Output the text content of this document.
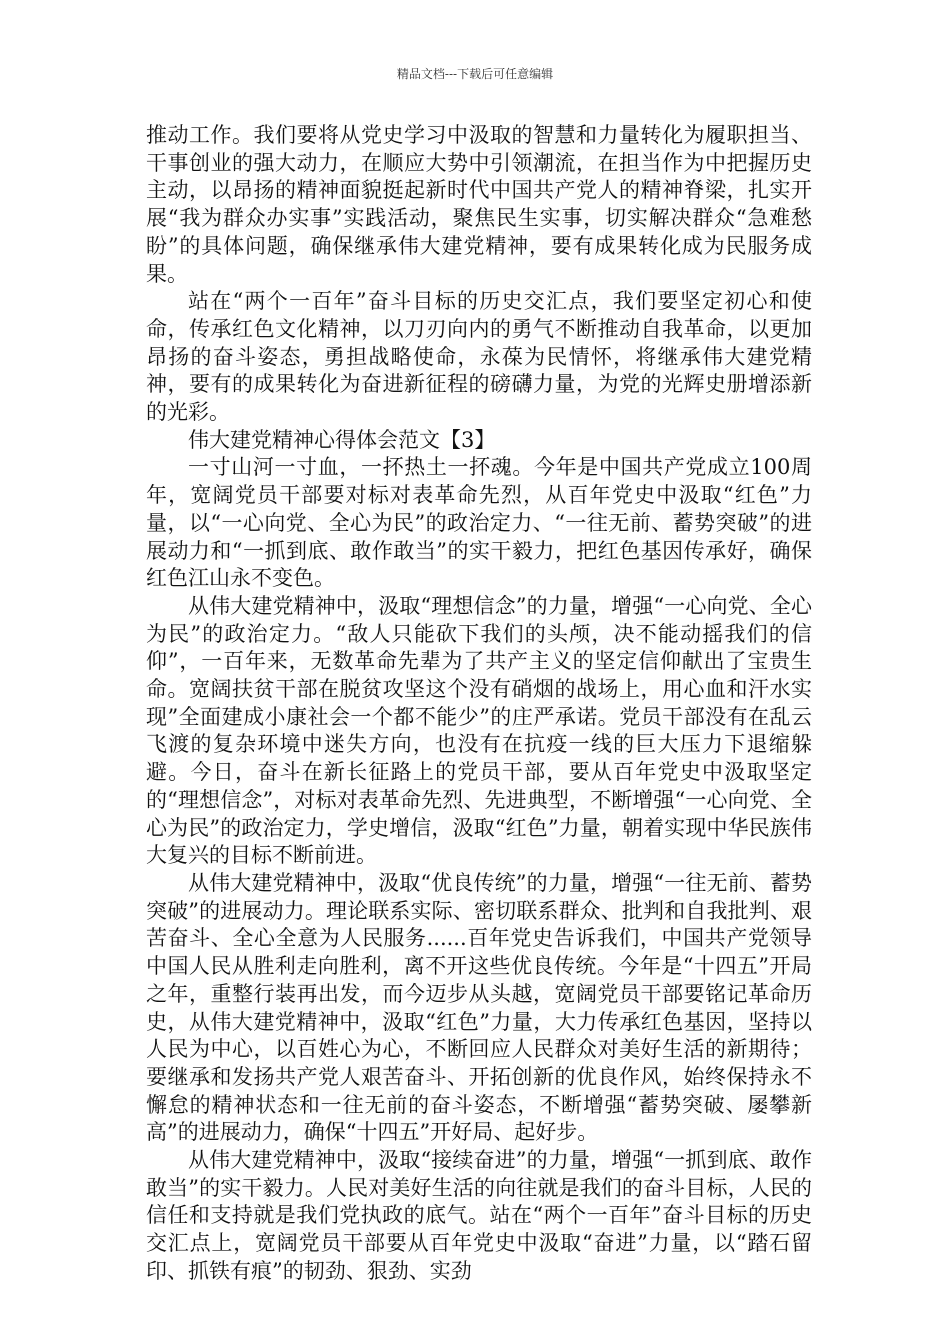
精品文档---下载后可任意编辑

推动工作。我们要将从党史学习中汲取的智慧和力量转化为履职担当、干事创业的强大动力，在顺应大势中引领潮流，在担当作为中把握历史主动，以昂扬的精神面貌挺起新时代中国共产党人的精神脊梁，扎实开展“我为群众办实事”实践活动，聚焦民生实事，切实解决群众“急难愁盼”的具体问题，确保继承伟大建党精神，要有成果转化成为民服务成果。

站在“两个一百年”奋斗目标的历史交汇点，我们要坚定初心和使命，传承红色文化精神，以刀刃向内的勇气不断推动自我革命，以更加昂扬的奋斗姿态，勇担战略使命，永葆为民情怀，将继承伟大建党精神，要有的成果转化为奋进新征程的磅礴力量，为党的光辉史册增添新的光彩。

伟大建党精神心得体会范文【3】

一寸山河一寸血，一抔热土一抔魂。今年是中国共产党成立100周年，宽阔党员干部要对标对表革命先烈，从百年党史中汲取“红色”力量，以“一心向党、全心为民”的政治定力、“一往无前、蓄势突破”的进展动力和“一抓到底、敢作敢当”的实干毅力，把红色基因传承好，确保红色江山永不变色。

从伟大建党精神中，汲取“理想信念”的力量，增强“一心向党、全心为民”的政治定力。“敌人只能砍下我们的头颅，决不能动摇我们的信仰”，一百年来，无数革命先辈为了共产主义的坚定信仰献出了宝贵生命。宽阔扶贫干部在脱贫攻坚这个没有硝烟的战场上，用心血和汗水实现”全面建成小康社会一个都不能少”的庄严承诺。党员干部没有在乱云飞渡的复杂环境中迷失方向，也没有在抗疫一线的巨大压力下退缩躲避。今日，奋斗在新长征路上的党员干部，要从百年党史中汲取坚定的“理想信念”，对标对表革命先烈、先进典型，不断增强“一心向党、全心为民”的政治定力，学史增信，汲取“红色”力量，朝着实现中华民族伟大复兴的目标不断前进。

从伟大建党精神中，汲取“优良传统”的力量，增强“一往无前、蓄势突破”的进展动力。理论联系实际、密切联系群众、批判和自我批判、艰苦奋斗、全心全意为人民服务......百年党史告诉我们，中国共产党领导中国人民从胜利走向胜利，离不开这些优良传统。今年是“十四五”开局之年，重整行装再出发，而今迈步从头越，宽阔党员干部要铭记革命历史，从伟大建党精神中，汲取“红色”力量，大力传承红色基因，坚持以人民为中心，以百姓心为心，不断回应人民群众对美好生活的新期待；要继承和发扬共产党人艰苦奋斗、开拓创新的优良作风，始终保持永不懈怠的精神状态和一往无前的奋斗姿态，不断增强“蓄势突破、屡攀新高”的进展动力，确保“十四五”开好局、起好步。

从伟大建党精神中，汲取“接续奋进”的力量，增强“一抓到底、敢作敢当”的实干毅力。人民对美好生活的向往就是我们的奋斗目标，人民的信任和支持就是我们党执政的底气。站在“两个一百年”奋斗目标的历史交汇点上，宽阔党员干部要从百年党史中汲取“奋进”力量，以“踏石留印、抓铁有痕”的韧劲、狠劲、实劲
